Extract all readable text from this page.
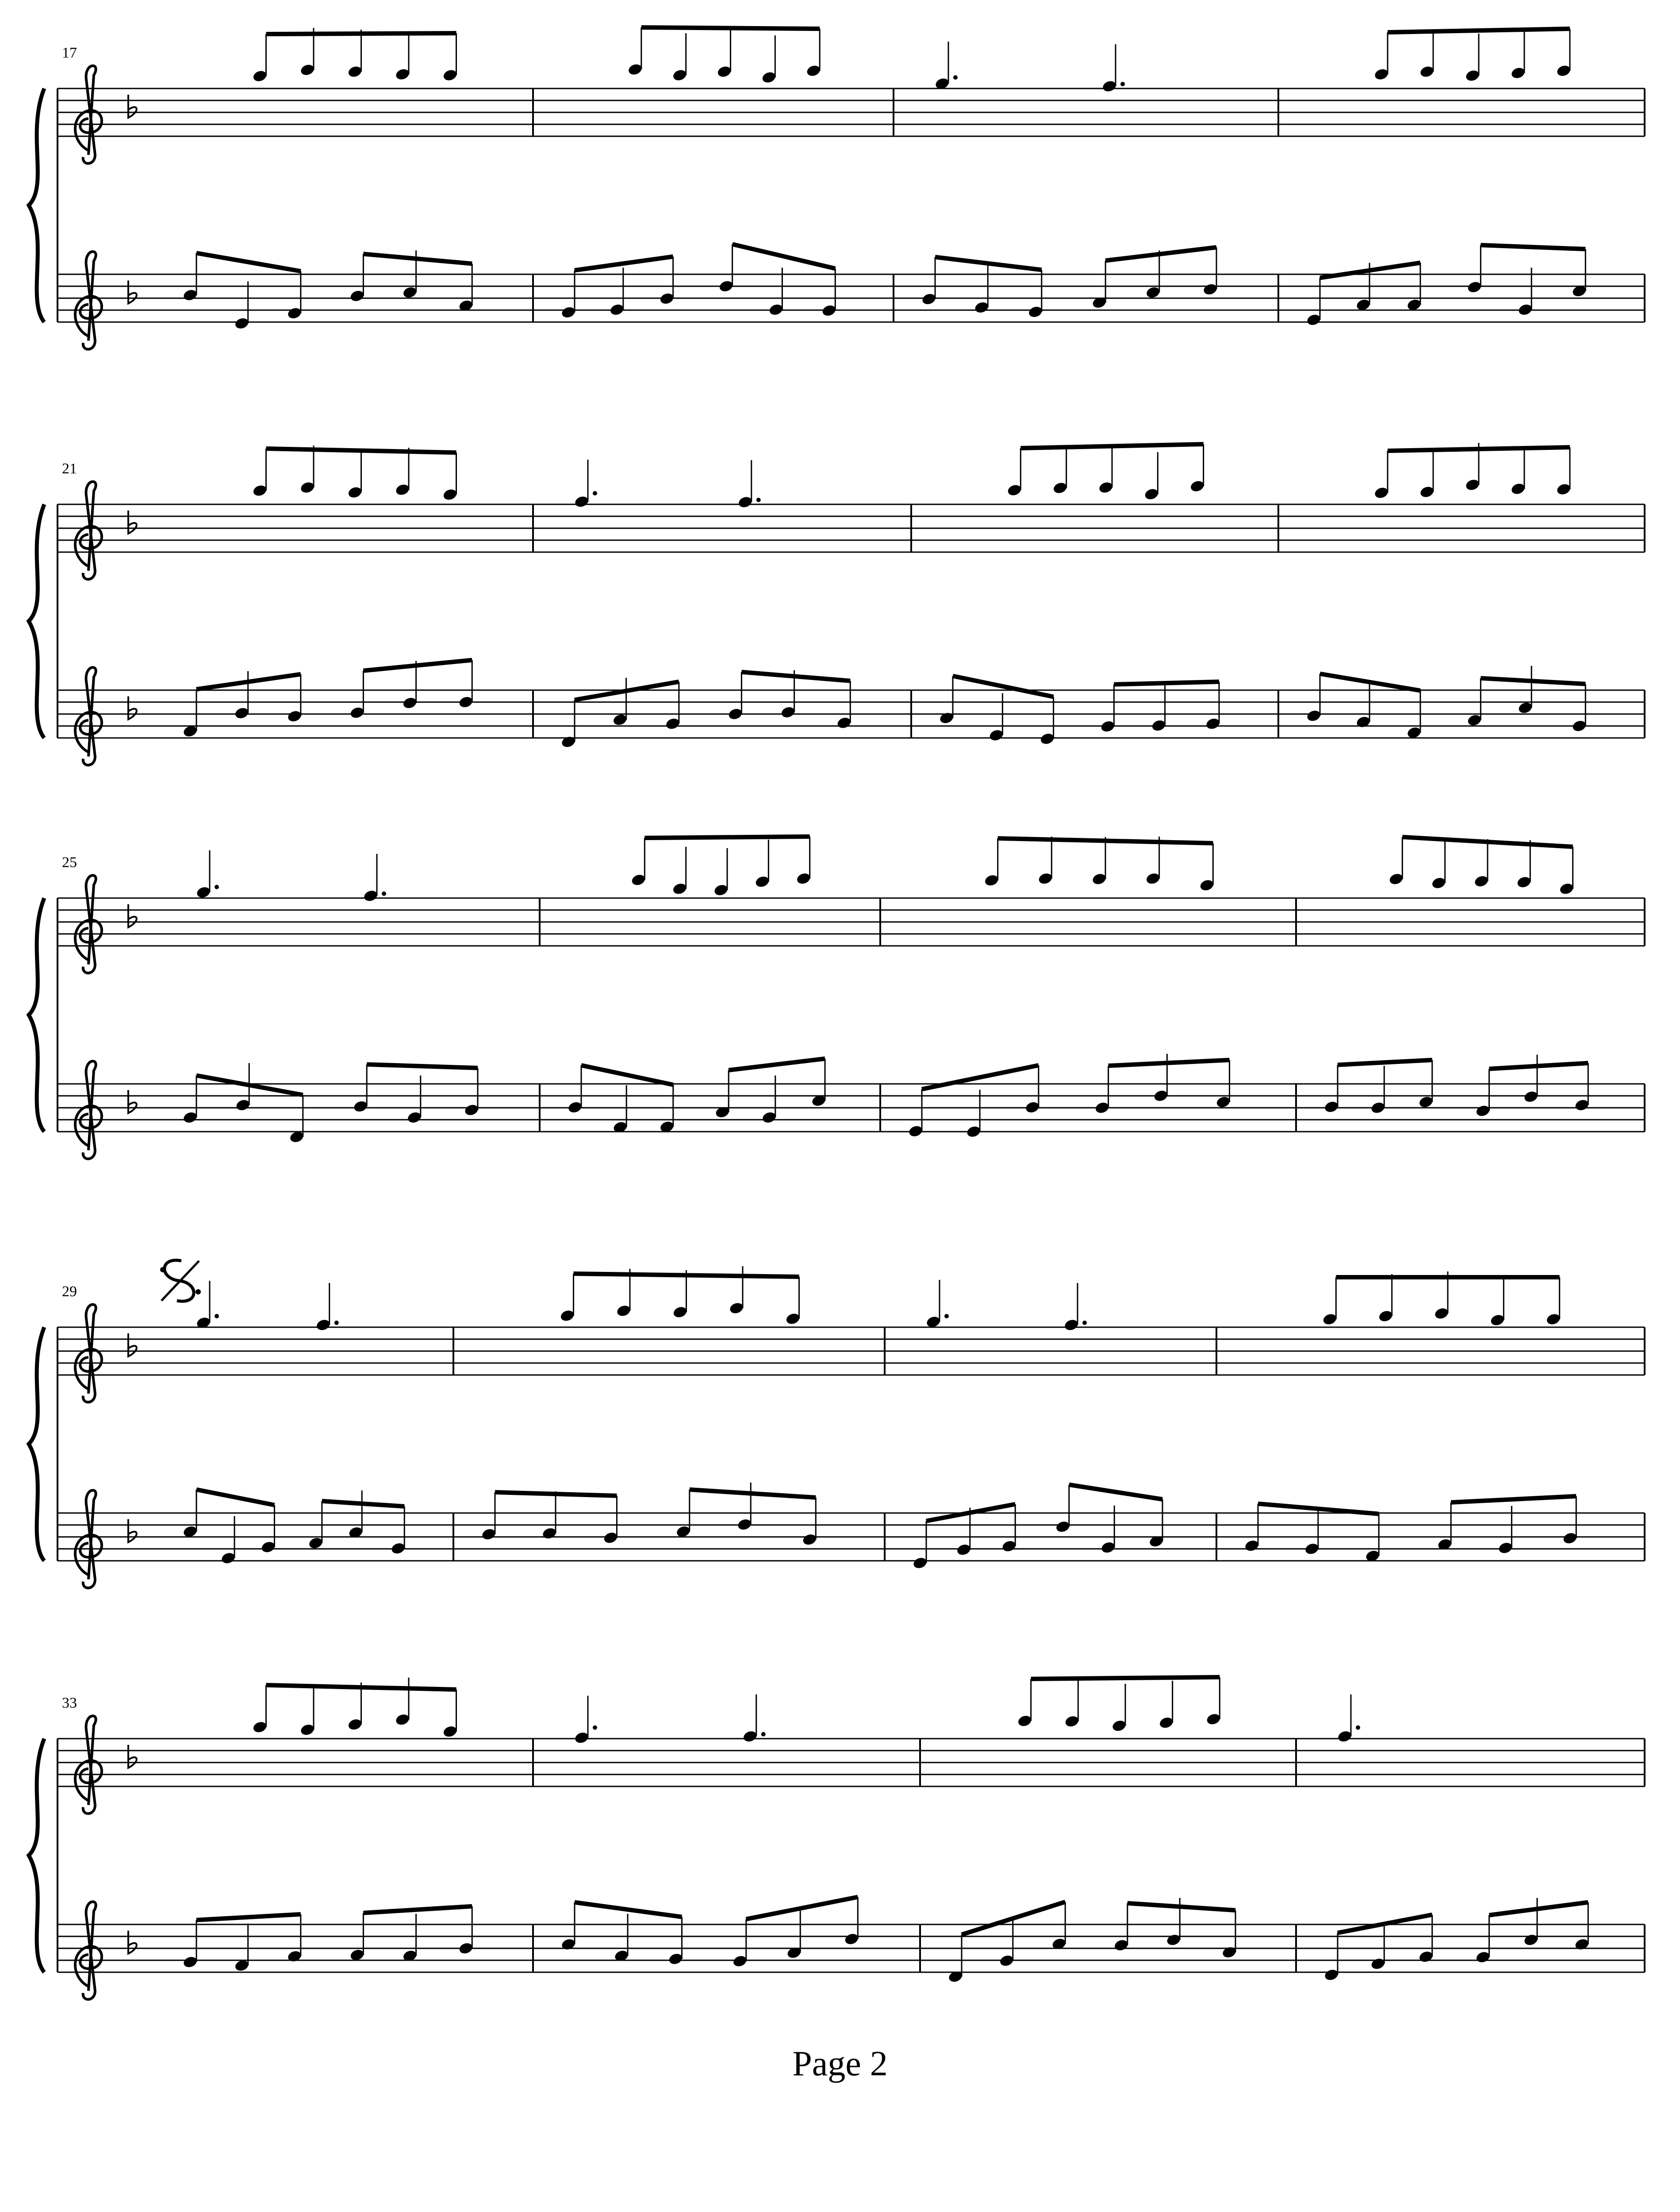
17
21
25
29
33
Page 2
